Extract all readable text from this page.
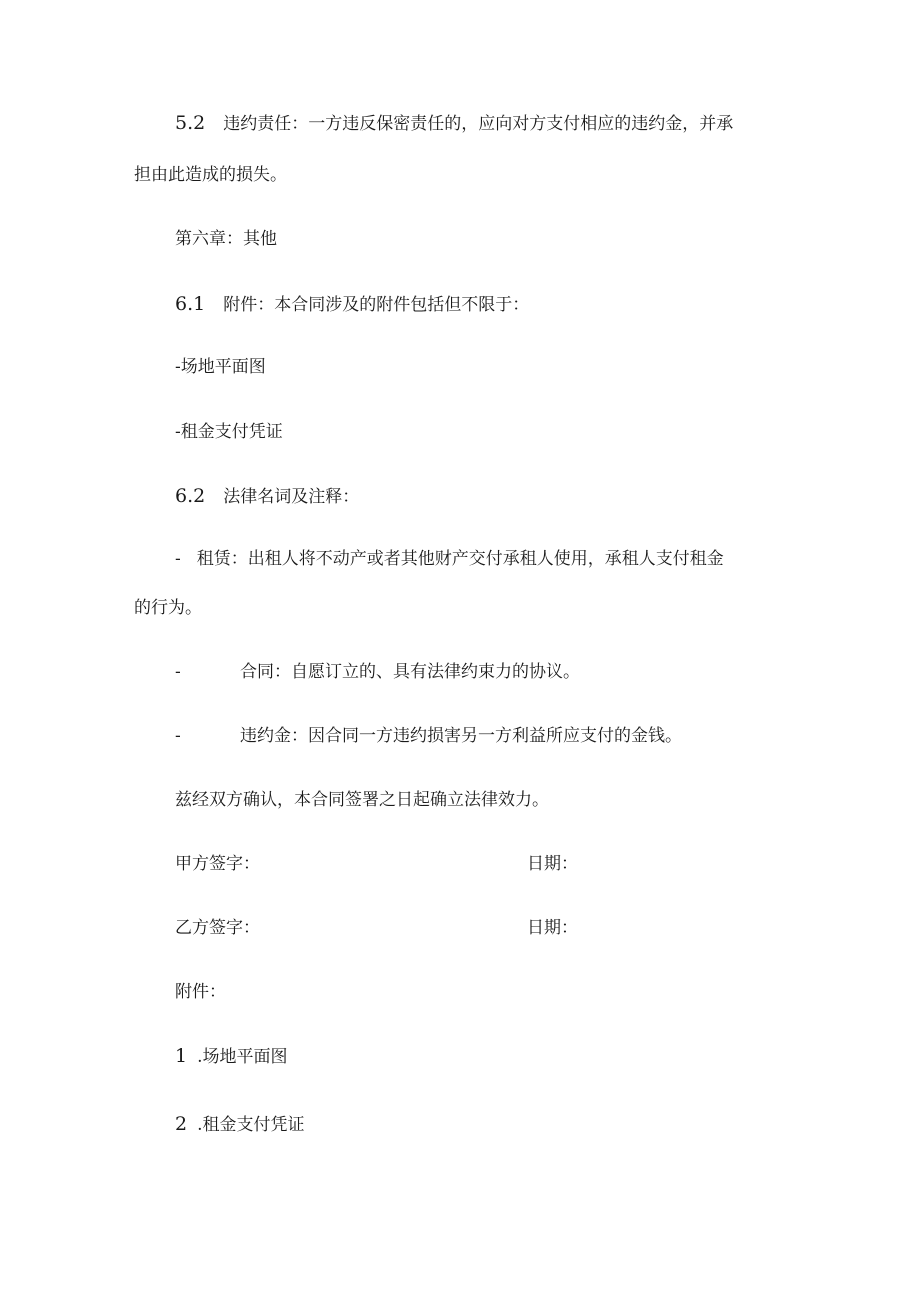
5.2 违约责任：一方违反保密责任的，应向对方支付相应的违约金，并承
担由此造成的损失。
第六章：其他
6.1 附件：本合同涉及的附件包括但不限于：
-场地平面图
-租金支付凭证
6.2 法律名词及注释：
- 租赁：出租人将不动产或者其他财产交付承租人使用，承租人支付租金
的行为。
-	合同：自愿订立的、具有法律约束力的协议。
-	违约金：因合同一方违约损害另一方利益所应支付的金钱。
兹经双方确认，本合同签署之日起确立法律效力。
甲方签字：	日期：
乙方签字：	日期：
附件：
1 .场地平面图
2 .租金支付凭证
